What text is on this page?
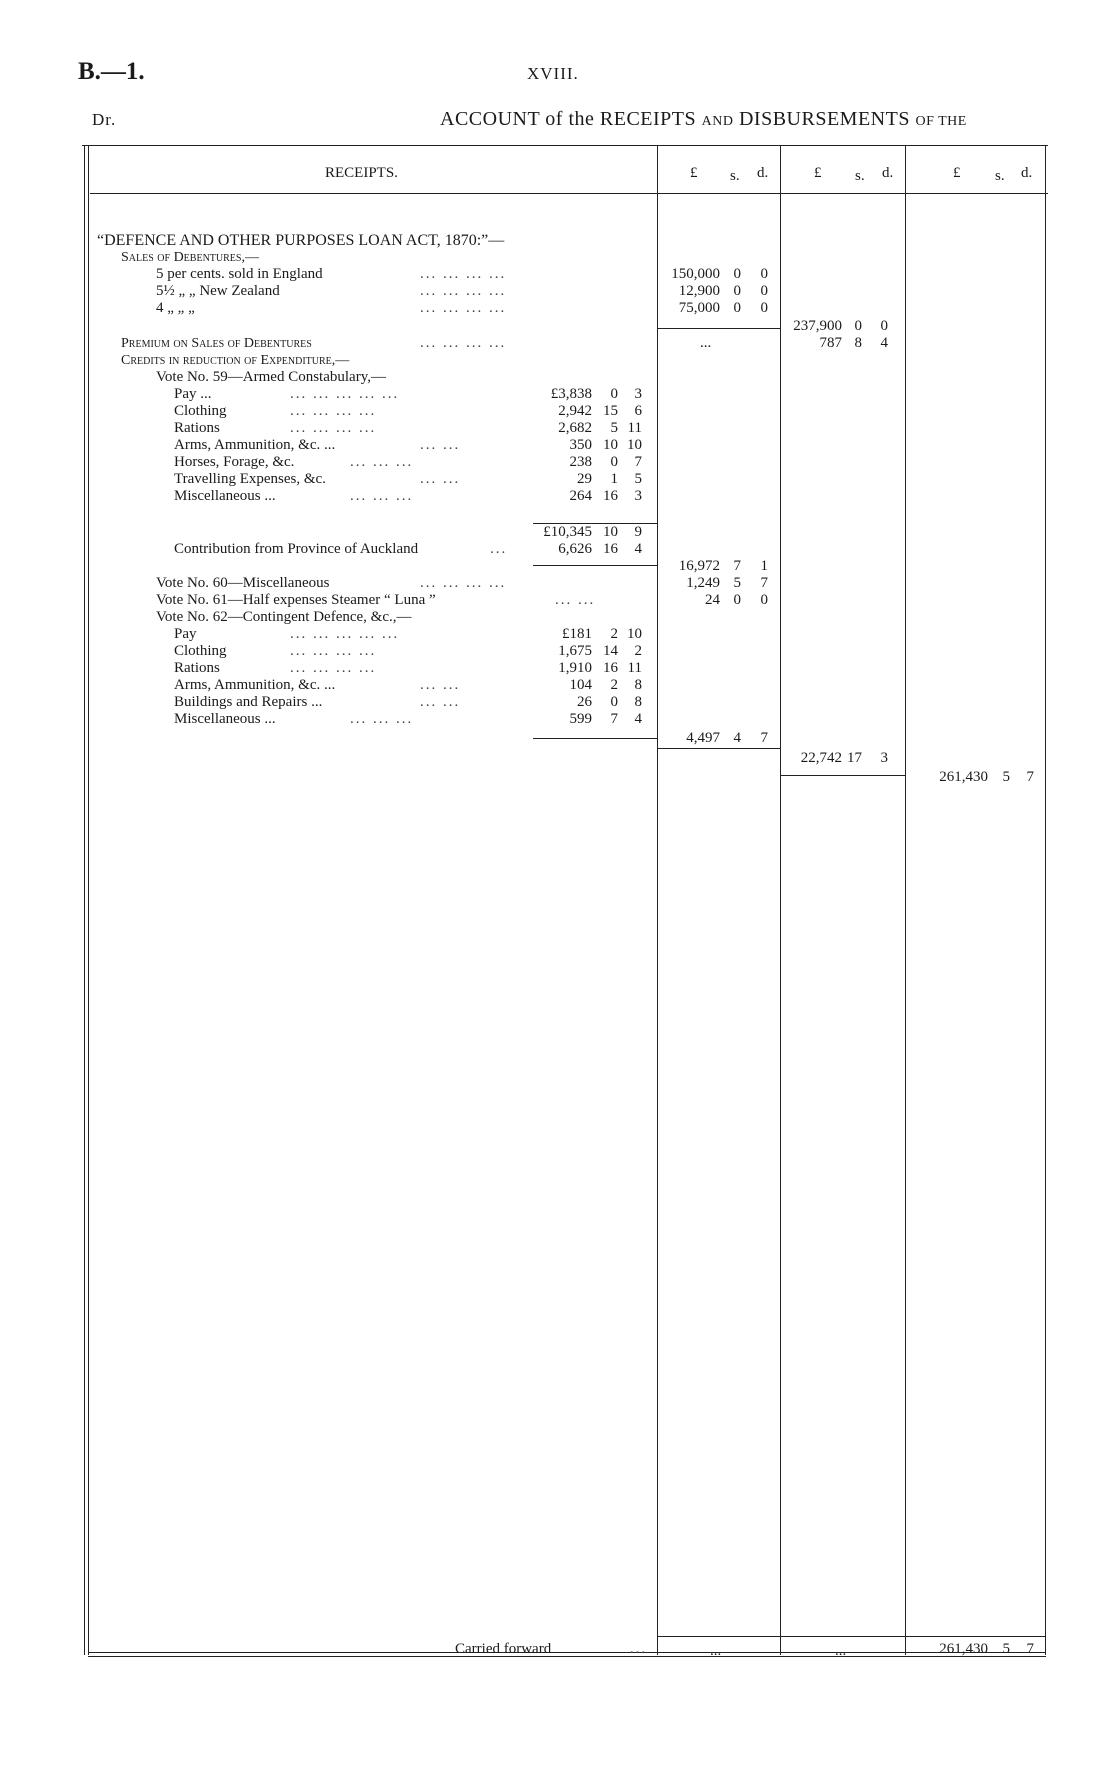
B.—1.	XVIII.
Dr.	ACCOUNT of the RECEIPTS AND DISBURSEMENTS OF THE
RECEIPTS.	£ s. d.	£ s. d.	£ s. d.
“DEFENCE AND OTHER PURPOSES LOAN ACT, 1870:”—
Sales of Debentures,—
5 per cents. sold in England	... ... ... ...	150,000 0	0
5½ „ „ New Zealand	... ... ... ...	12,900 0	0
4 „ „ „	... ... ... ...	75,000 0	0
237,900 0	0
Premium on Sales of Debentures	... ... ... ...	...	787 8	4
Credits in reduction of Expenditure,—
Vote No. 59—Armed Constabulary,—
Pay ...	... ... ... ... ...	£3,838	0	3
Clothing	... ... ... ...	2,942 15	6
Rations	... ... ... ...	2,682	5 11
Arms, Ammunition, &c. ...	... ...	350 10 10
Horses, Forage, &c.	... ... ...	238	0	7
Travelling Expenses, &c.	... ...	29	1	5
Miscellaneous ...	... ... ...	264 16	3
£10,345 10	9
Contribution from Province of Auckland	...	6,626 16	4
16,972 7	1
Vote No. 60—Miscellaneous	... ... ... ...	1,249 5	7
Vote No. 61—Half expenses Steamer “ Luna ”	... ...	24 0	0
Vote No. 62—Contingent Defence, &c.,—
Pay	... ... ... ... ...	£181	2 10
Clothing	... ... ... ...	1,675 14	2
Rations	... ... ... ...	1,910 16 11
Arms, Ammunition, &c. ...	... ...	104	2	8
Buildings and Repairs ...	... ...	26	0	8
Miscellaneous ...	... ... ...	599	7	4
4,497 4	7
22,742 17	3
261,430 5	7
Carried forward	...	...	...	261,430 5	7
